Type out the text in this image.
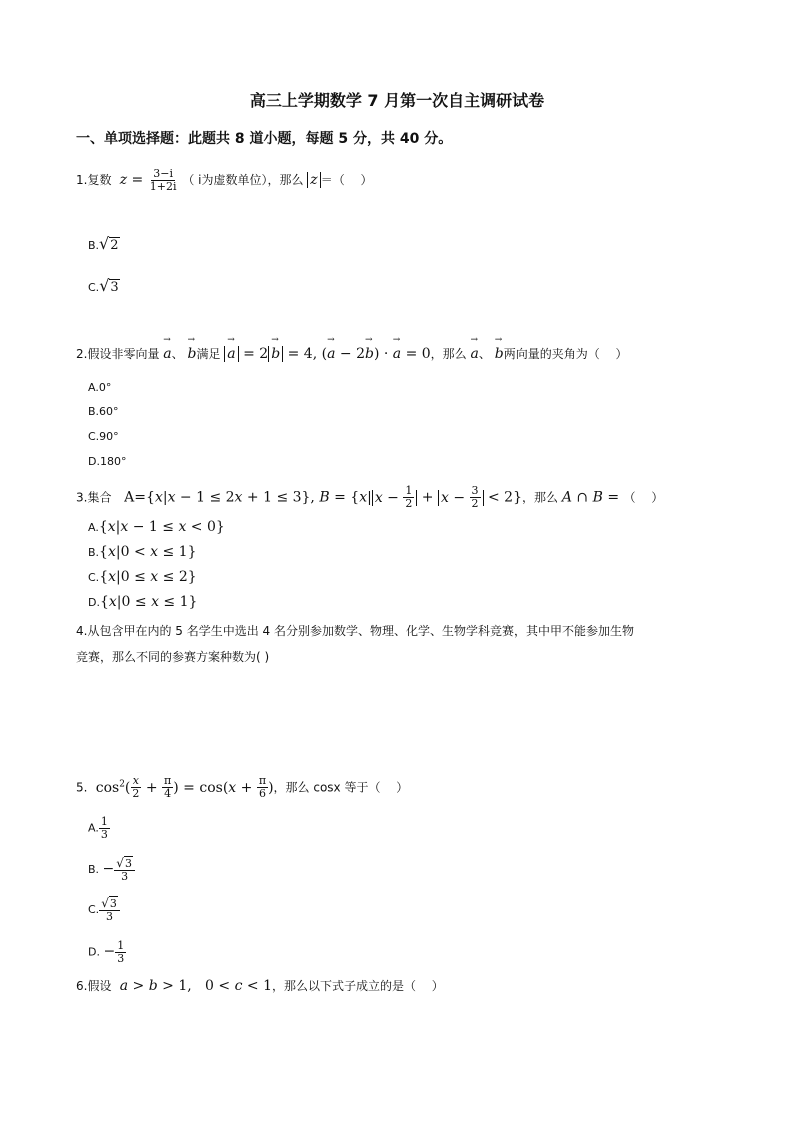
高三上学期数学 7 月第一次自主调研试卷
一、单项选择题：此题共 8 道小题，每题 5 分，共 40 分。
1.复数  $z = \frac{3-i}{1+2i}$ （ i为虚数单位），那么 z ＝（　 ）
B.√2
C.√3
2.假设非零向量 → a、 → b满足 → a = 2 → b = 4, (→ a − 2→ b) · → a = 0，那么 → a、 → b两向量的夹角为（　 ）
A.0°
B.60°
C.90°
D.180°
3.集合   A={x|x − 1 ≤ 2x + 1 ≤ 3}, B = {x| $x - \frac{1}{2} + x - \frac{3}{2} < 2$}，那么 A ∩ B = （　 ）
A.{x|x − 1 ≤ x < 0}
B.{x|0 < x ≤ 1}
C.{x|0 ≤ x ≤ 2}
D.{x|0 ≤ x ≤ 1}
4.从包含甲在内的 5 名学生中选出 4 名分别参加数学、物理、化学、生物学科竞赛，其中甲不能参加生物
竞赛，那么不同的参赛方案种数为( )
5.  $\cos^2( \frac{x}{2} + \frac{\pi}{4}$ ) = $\cos(x + \frac{\pi}{6}$ )，那么 cosx 等于（　 ）
A. $\frac{1}{3}$
B. − $\frac{√3}{3}$
C. $\frac{√3}{3}$
D. − $\frac{1}{3}$
6.假设 a > b > 1,   0 < c < 1，那么以下式子成立的是（　 ）
